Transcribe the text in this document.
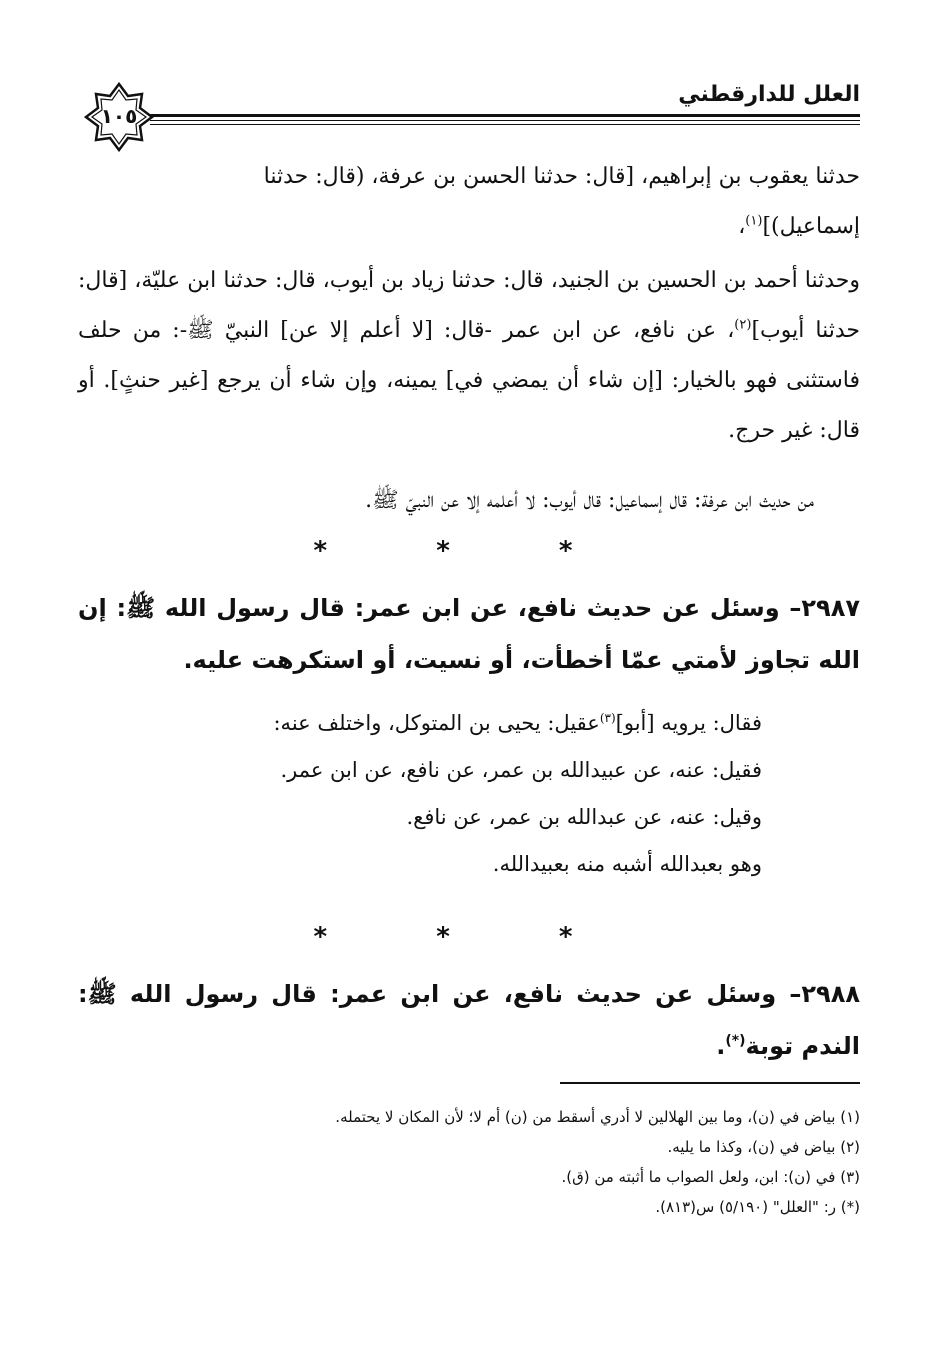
العلل للدارقطني
١٠٥
حدثنا يعقوب بن إبراهيم، [قال: حدثنا الحسن بن عرفة، (قال: حدثنا
إسماعيل)]$^{(١)}$،
وحدثنا أحمد بن الحسين بن الجنيد، قال: حدثنا زياد بن أيوب، قال: حدثنا ابن عليّة، [قال: حدثنا أيوب]$^{(٢)}$، عن نافع، عن ابن عمر -قال: [لا أعلم إلا عن] النبيّ ﷺ-: من حلف فاستثنى فهو بالخيار: [إن شاء أن يمضي في] يمينه، وإن شاء أن يرجع [غير حنثٍ]. أو قال: غير حرج.
من حديث ابن عرفة: قال إسماعيل: قال أيوب: لا أعلمه إلا عن النبيّ ﷺ.
* * *
٢٩٨٧– وسئل عن حديث نافع، عن ابن عمر: قال رسول الله ﷺ: إن الله تجاوز لأمتي عمّا أخطأت، أو نسيت، أو استكرهت عليه.
فقال: يرويه [أبو]$^{(٣)}$عقيل: يحيى بن المتوكل، واختلف عنه:
فقيل: عنه، عن عبيدالله بن عمر، عن نافع، عن ابن عمر.
وقيل: عنه، عن عبدالله بن عمر، عن نافع.
وهو بعبدالله أشبه منه بعبيدالله.
* * *
٢٩٨٨– وسئل عن حديث نافع، عن ابن عمر: قال رسول الله ﷺ: الندم توبة(*).
(١) بياض في (ن)، وما بين الهلالين لا أدري أسقط من (ن) أم لا؛ لأن المكان لا يحتمله.
(٢) بياض في (ن)، وكذا ما يليه.
(٣) في (ن): ابن، ولعل الصواب ما أثبته من (ق).
(*) ر: "العلل" (٥/١٩٠) س(٨١٣).
